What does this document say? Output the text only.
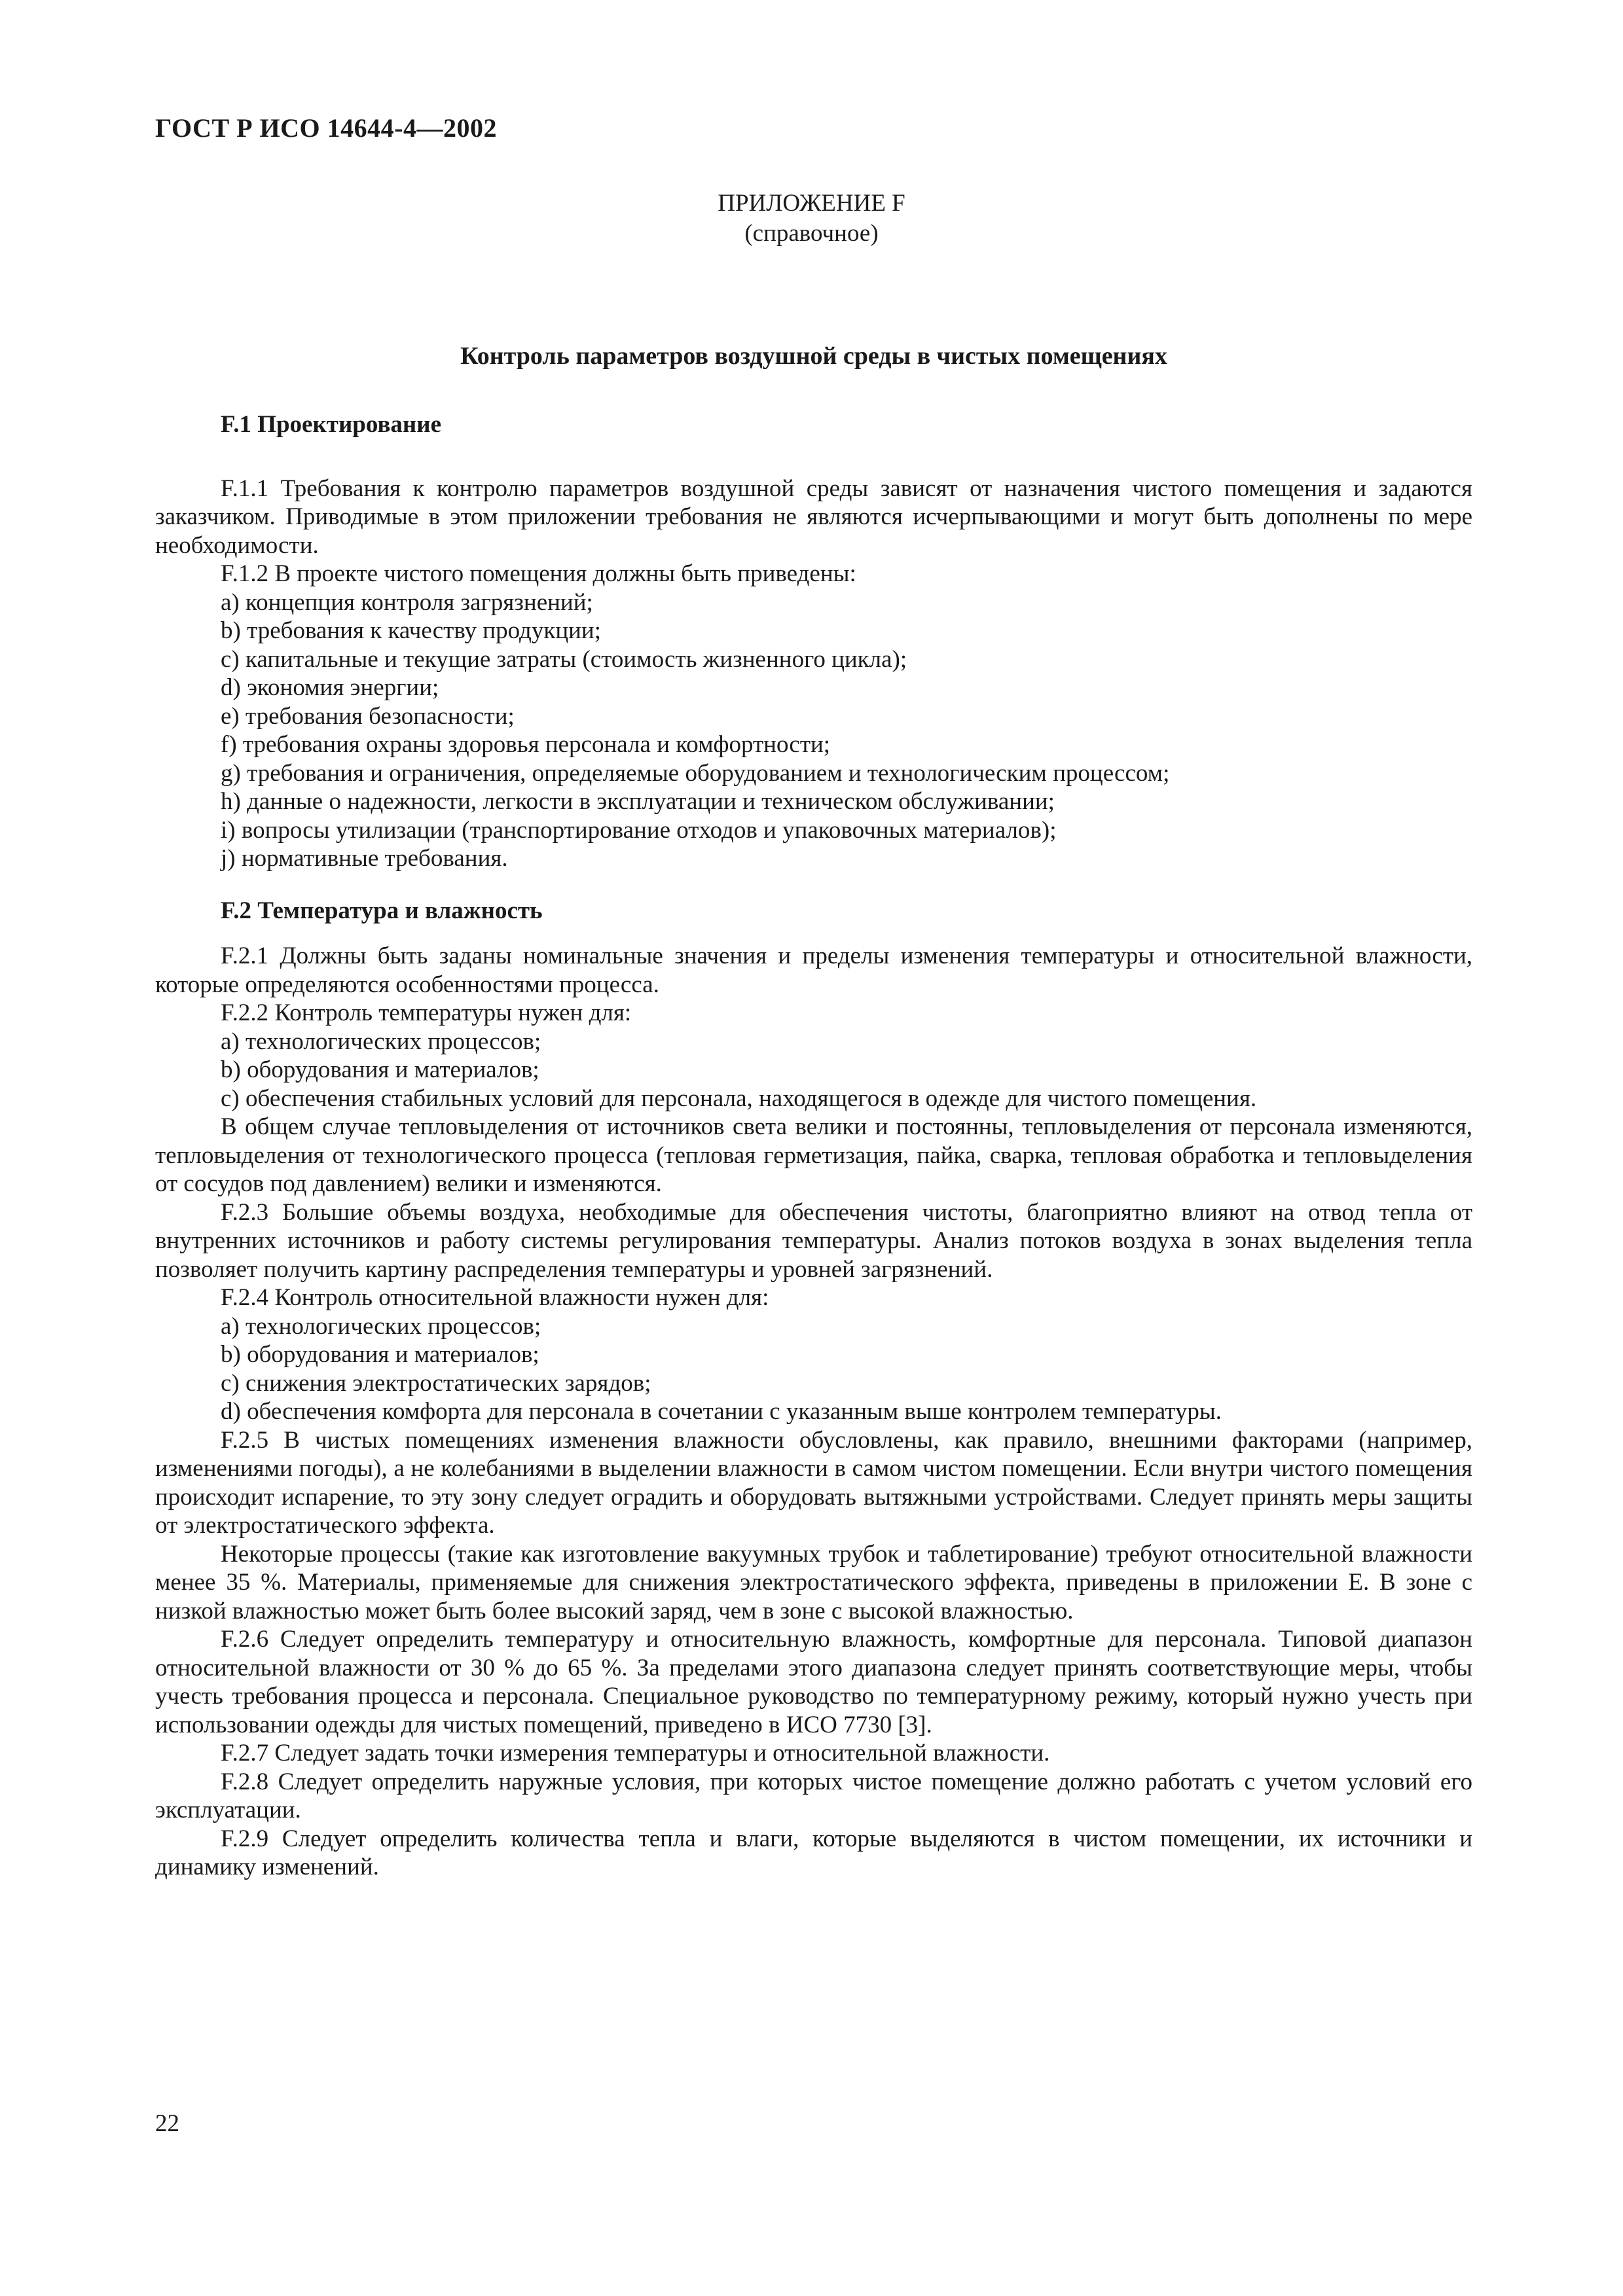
ГОСТ Р ИСО 14644-4—2002
ПРИЛОЖЕНИЕ F
(справочное)
Контроль параметров воздушной среды в чистых помещениях
F.1 Проектирование

F.1.1 Требования к контролю параметров воздушной среды зависят от назначения чистого помещения и задаются заказчиком. Приводимые в этом приложении требования не являются исчерпывающими и могут быть дополнены по мере необходимости.

F.1.2 В проекте чистого помещения должны быть приведены:

a) концепция контроля загрязнений;
b) требования к качеству продукции;
c) капитальные и текущие затраты (стоимость жизненного цикла);
d) экономия энергии;
e) требования безопасности;
f) требования охраны здоровья персонала и комфортности;
g) требования и ограничения, определяемые оборудованием и технологическим процессом;
h) данные о надежности, легкости в эксплуатации и техническом обслуживании;
i) вопросы утилизации (транспортирование отходов и упаковочных материалов);
j) нормативные требования.
F.2 Температура и влажность

F.2.1 Должны быть заданы номинальные значения и пределы изменения температуры и относительной влажности, которые определяются особенностями процесса.

F.2.2 Контроль температуры нужен для:

a) технологических процессов;
b) оборудования и материалов;
c) обеспечения стабильных условий для персонала, находящегося в одежде для чистого помещения.

В общем случае тепловыделения от источников света велики и постоянны, тепловыделения от персонала изменяются, тепловыделения от технологического процесса (тепловая герметизация, пайка, сварка, тепловая обработка и тепловыделения от сосудов под давлением) велики и изменяются.

F.2.3 Большие объемы воздуха, необходимые для обеспечения чистоты, благоприятно влияют на отвод тепла от внутренних источников и работу системы регулирования температуры. Анализ потоков воздуха в зонах выделения тепла позволяет получить картину распределения температуры и уровней загрязнений.

F.2.4 Контроль относительной влажности нужен для:

a) технологических процессов;
b) оборудования и материалов;
c) снижения электростатических зарядов;
d) обеспечения комфорта для персонала в сочетании с указанным выше контролем температуры.

F.2.5 В чистых помещениях изменения влажности обусловлены, как правило, внешними факторами (например, изменениями погоды), а не колебаниями в выделении влажности в самом чистом помещении. Если внутри чистого помещения происходит испарение, то эту зону следует оградить и оборудовать вытяжными устройствами. Следует принять меры защиты от электростатического эффекта.

Некоторые процессы (такие как изготовление вакуумных трубок и таблетирование) требуют относительной влажности менее 35 %. Материалы, применяемые для снижения электростатического эффекта, приведены в приложении Е. В зоне с низкой влажностью может быть более высокий заряд, чем в зоне с высокой влажностью.

F.2.6 Следует определить температуру и относительную влажность, комфортные для персонала. Типовой диапазон относительной влажности от 30 % до 65 %. За пределами этого диапазона следует принять соответствующие меры, чтобы учесть требования процесса и персонала. Специальное руководство по температурному режиму, который нужно учесть при использовании одежды для чистых помещений, приведено в ИСО 7730 [3].

F.2.7 Следует задать точки измерения температуры и относительной влажности.

F.2.8 Следует определить наружные условия, при которых чистое помещение должно работать с учетом условий его эксплуатации.

F.2.9 Следует определить количества тепла и влаги, которые выделяются в чистом помещении, их источники и динамику изменений.

22
